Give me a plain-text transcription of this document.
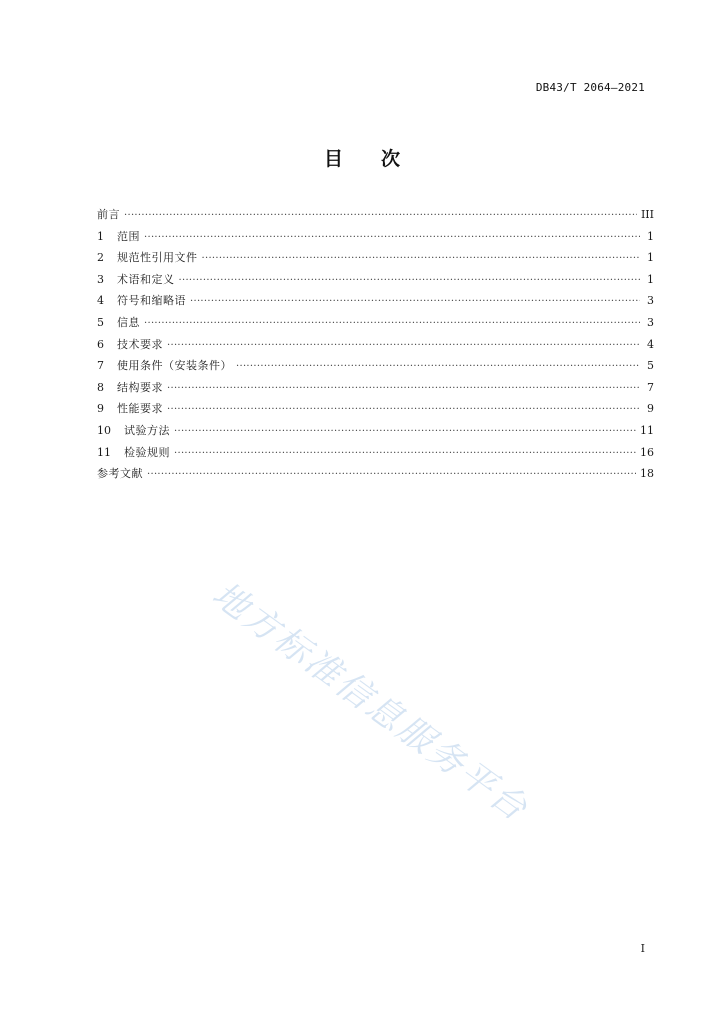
DB43/T 2064—2021
目 次
前言 ·····	III
1	范围 ·····	1
2	规范性引用文件 ·····	1
3	术语和定义 ·····	1
4	符号和缩略语 ·····	3
5	信息 ·····	3
6	技术要求 ·····	4
7	使用条件（安装条件） ·····	5
8	结构要求 ·····	7
9	性能要求 ·····	9
10	试验方法 ·····	11
11	检验规则 ·····	16
参考文献 ·····	18
地方标准信息服务平台
I
